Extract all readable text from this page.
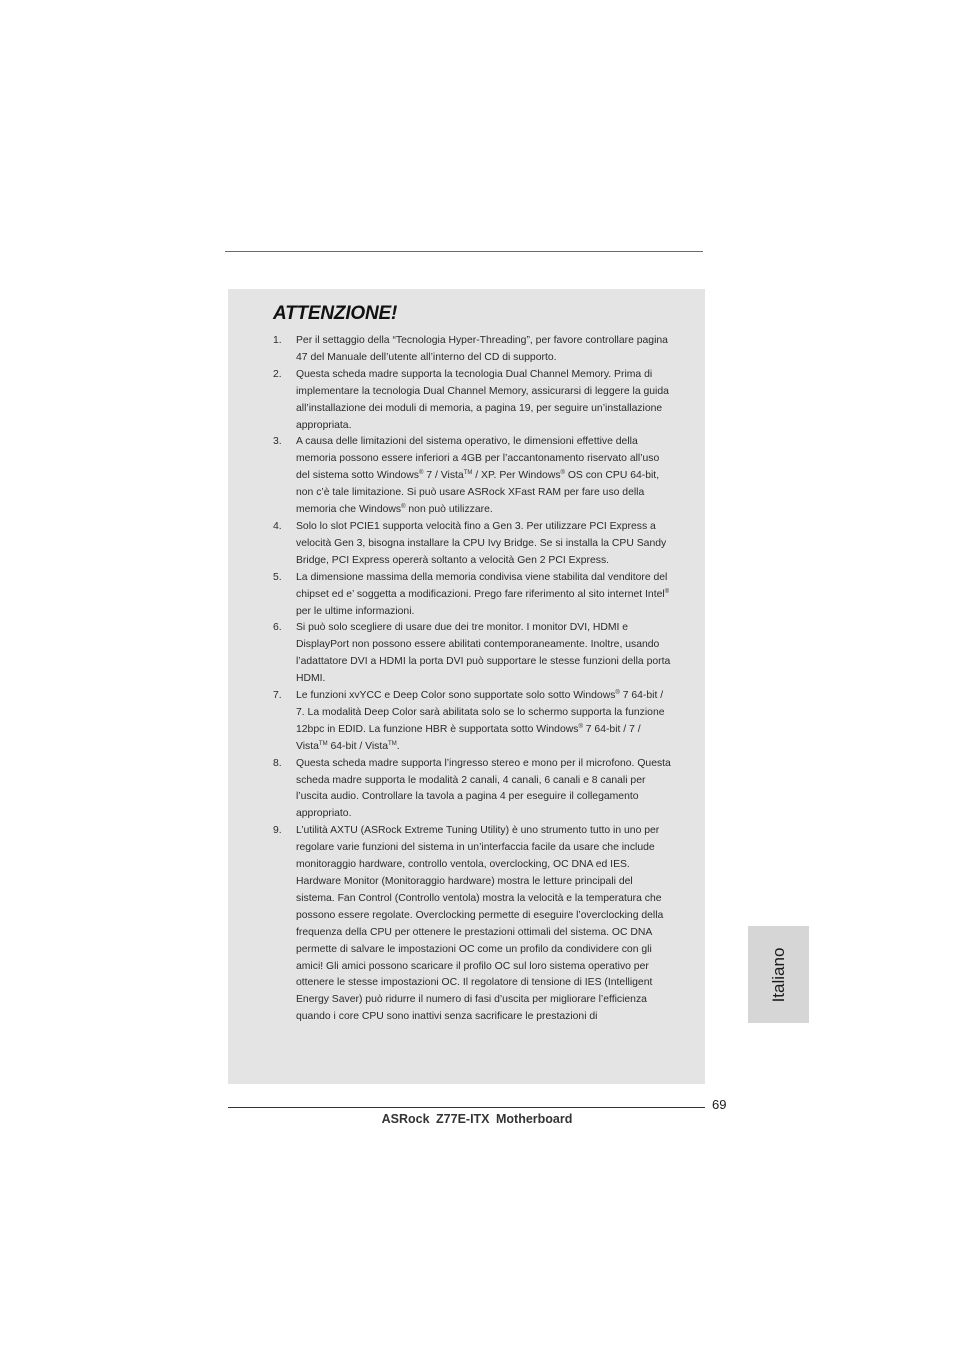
ATTENZIONE!
1.	Per il settaggio della “Tecnologia Hyper-Threading”, per favore controllare pagina 47 del Manuale dell’utente all’interno del CD di supporto.
2.	Questa scheda madre supporta la tecnologia Dual Channel Memory. Prima di implementare la tecnologia Dual Channel Memory, assicurarsi di leggere la guida all’installazione dei moduli di memoria, a pagina 19, per seguire un’installazione appropriata.
3.	A causa delle limitazioni del sistema operativo, le dimensioni effettive della memoria possono essere inferiori a 4GB per l’accantonamento riservato all’uso del sistema sotto Windows® 7 / Vista™ / XP. Per Windows® OS con CPU 64-bit, non c’è tale limitazione. Si può usare ASRock XFast RAM per fare uso della memoria che Windows® non può utilizzare.
4.	Solo lo slot PCIE1 supporta velocità fino a Gen 3. Per utilizzare PCI Express a velocità Gen 3, bisogna installare la CPU Ivy Bridge. Se si installa la CPU Sandy Bridge, PCI Express opererà soltanto a velocità Gen 2 PCI Express.
5.	La dimensione massima della memoria condivisa viene stabilita dal venditore del chipset ed e’ soggetta a modificazioni. Prego fare riferimento al sito internet Intel® per le ultime informazioni.
6.	Si può solo scegliere di usare due dei tre monitor. I monitor DVI, HDMI e DisplayPort non possono essere abilitati contemporaneamente. Inoltre, usando l’adattatore DVI a HDMI la porta DVI può supportare le stesse funzioni della porta HDMI.
7.	Le funzioni xvYCC e Deep Color sono supportate solo sotto Windows® 7 64-bit / 7. La modalità Deep Color sarà abilitata solo se lo schermo supporta la funzione 12bpc in EDID. La funzione HBR è supportata sotto Windows® 7 64-bit / 7 / Vista™ 64-bit / Vista™.
8.	Questa scheda madre supporta l’ingresso stereo e mono per il microfono. Questa scheda madre supporta le modalità 2 canali, 4 canali, 6 canali e 8 canali per l’uscita audio. Controllare la tavola a pagina 4 per eseguire il collegamento appropriato.
9.	L’utilità AXTU (ASRock Extreme Tuning Utility) è uno strumento tutto in uno per regolare varie funzioni del sistema in un’interfaccia facile da usare che include monitoraggio hardware, controllo ventola, overclocking, OC DNA ed IES. Hardware Monitor (Monitoraggio hardware) mostra le letture principali del sistema. Fan Control (Controllo ventola) mostra la velocità e la temperatura che possono essere regolate. Overclocking permette di eseguire l’overclocking della frequenza della CPU per ottenere le prestazioni ottimali del sistema. OC DNA permette di salvare le impostazioni OC come un profilo da condividere con gli amici! Gli amici possono scaricare il profilo OC sul loro sistema operativo per ottenere le stesse impostazioni OC. Il regolatore di tensione di IES (Intelligent Energy Saver) può ridurre il numero di fasi d’uscita per migliorare l’efficienza quando i core CPU sono inattivi senza sacrificare le prestazioni di
Italiano
69
ASRock Z77E-ITX Motherboard
